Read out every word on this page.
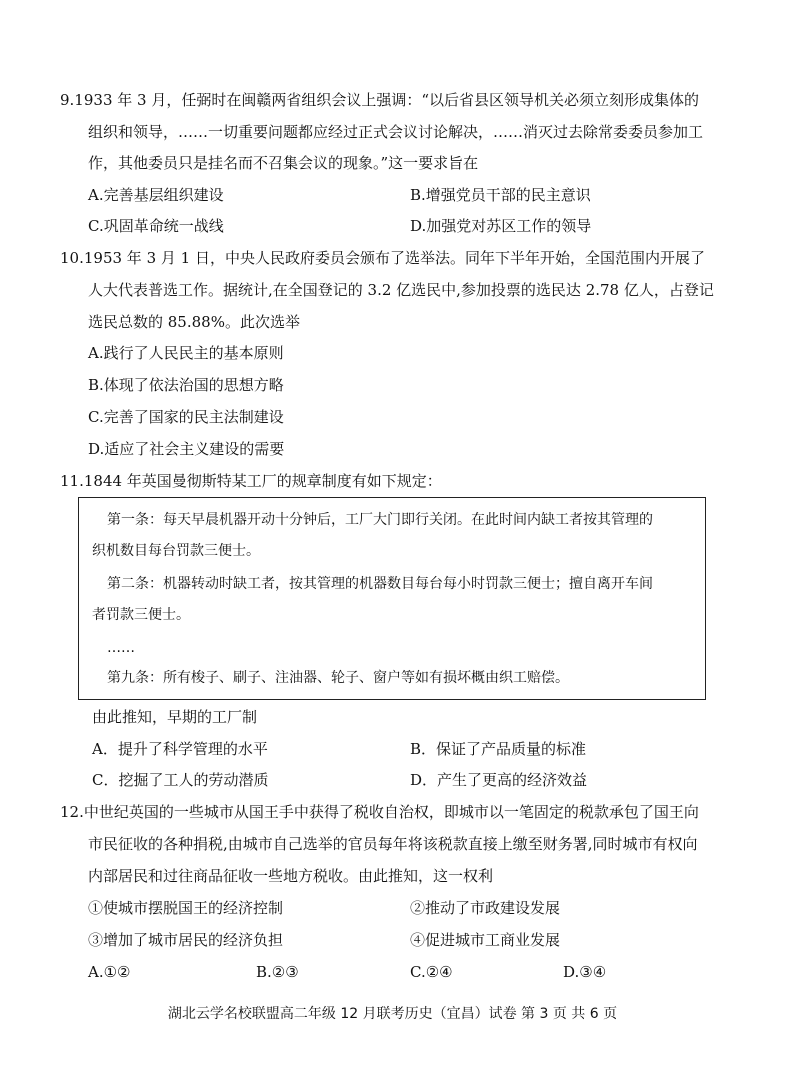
9.1933 年 3 月，任弼时在闽赣两省组织会议上强调：“以后省县区领导机关必须立刻形成集体的
组织和领导，……一切重要问题都应经过正式会议讨论解决，……消灭过去除常委委员参加工
作，其他委员只是挂名而不召集会议的现象。”这一要求旨在
A.完善基层组织建设	B.增强党员干部的民主意识
C.巩固革命统一战线	D.加强党对苏区工作的领导
10.1953 年 3 月 1 日，中央人民政府委员会颁布了选举法。同年下半年开始，全国范围内开展了
人大代表普选工作。据统计,在全国登记的 3.2 亿选民中,参加投票的选民达 2.78 亿人，占登记
选民总数的 85.88%。此次选举
A.践行了人民民主的基本原则
B.体现了依法治国的思想方略
C.完善了国家的民主法制建设
D.适应了社会主义建设的需要
11.1844 年英国曼彻斯特某工厂的规章制度有如下规定：
第一条：每天早晨机器开动十分钟后，工厂大门即行关闭。在此时间内缺工者按其管理的
织机数目每台罚款三便士。
第二条：机器转动时缺工者，按其管理的机器数目每台每小时罚款三便士；擅自离开车间
者罚款三便士。
……
第九条：所有梭子、刷子、注油器、轮子、窗户等如有损坏概由织工赔偿。
由此推知，早期的工厂制
A．提升了科学管理的水平	B．保证了产品质量的标准
C．挖掘了工人的劳动潜质	D．产生了更高的经济效益
12.中世纪英国的一些城市从国王手中获得了税收自治权，即城市以一笔固定的税款承包了国王向
市民征收的各种捐税,由城市自己选举的官员每年将该税款直接上缴至财务署,同时城市有权向
内部居民和过往商品征收一些地方税收。由此推知，这一权利
①使城市摆脱国王的经济控制	②推动了市政建设发展
③增加了城市居民的经济负担	④促进城市工商业发展
A.①②	B.②③	C.②④	D.③④
湖北云学名校联盟高二年级 12 月联考历史（宜昌）试卷 第 3 页 共 6 页
